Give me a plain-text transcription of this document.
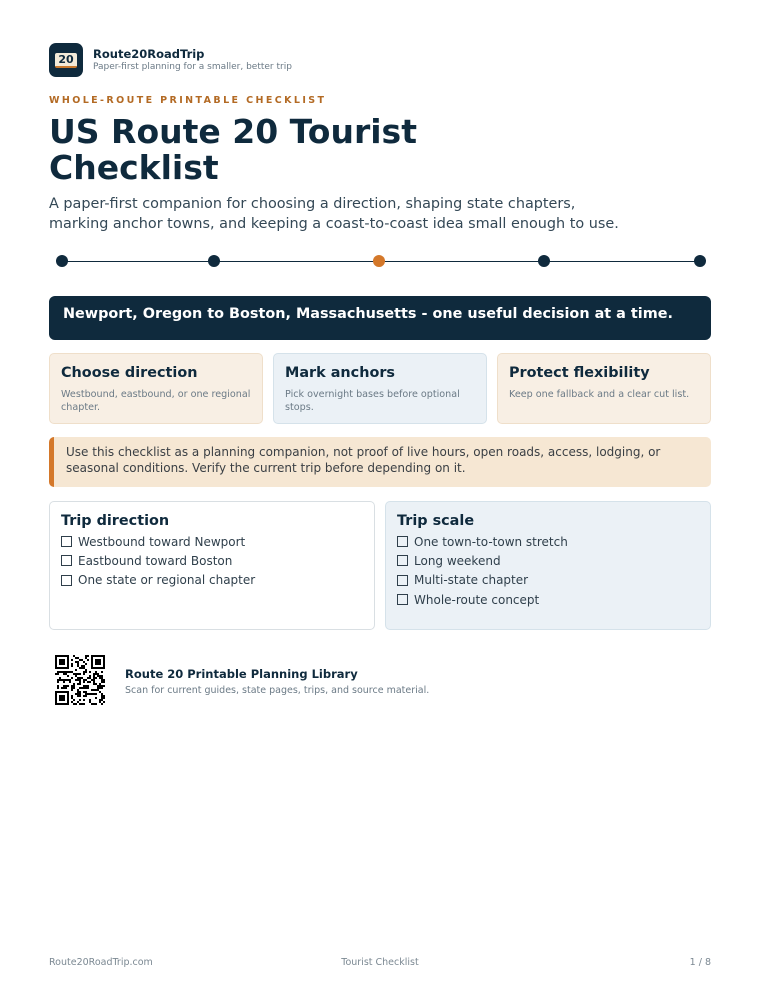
20 Route20RoadTrip
Paper-first planning for a smaller, better trip
WHOLE-ROUTE PRINTABLE CHECKLIST
US Route 20 Tourist Checklist

A paper-first companion for choosing a direction, shaping state chapters, marking anchor towns, and keeping a coast-to-coast idea small enough to use.

Newport, Oregon to Boston, Massachusetts - one useful decision at a time.
Choose direction
Westbound, eastbound, or one regional chapter.
Mark anchors
Pick overnight bases before optional stops.
Protect flexibility
Keep one fallback and a clear cut list.
Use this checklist as a planning companion, not proof of live hours, open roads, access, lodging, or seasonal conditions. Verify the current trip before depending on it.
Trip direction
Westbound toward Newport
Eastbound toward Boston
One state or regional chapter
Trip scale
One town-to-town stretch
Long weekend
Multi-state chapter
Whole-route concept
Route 20 Printable Planning Library
Scan for current guides, state pages, trips, and source material.
Route20RoadTrip.com	Tourist Checklist	1 / 8
